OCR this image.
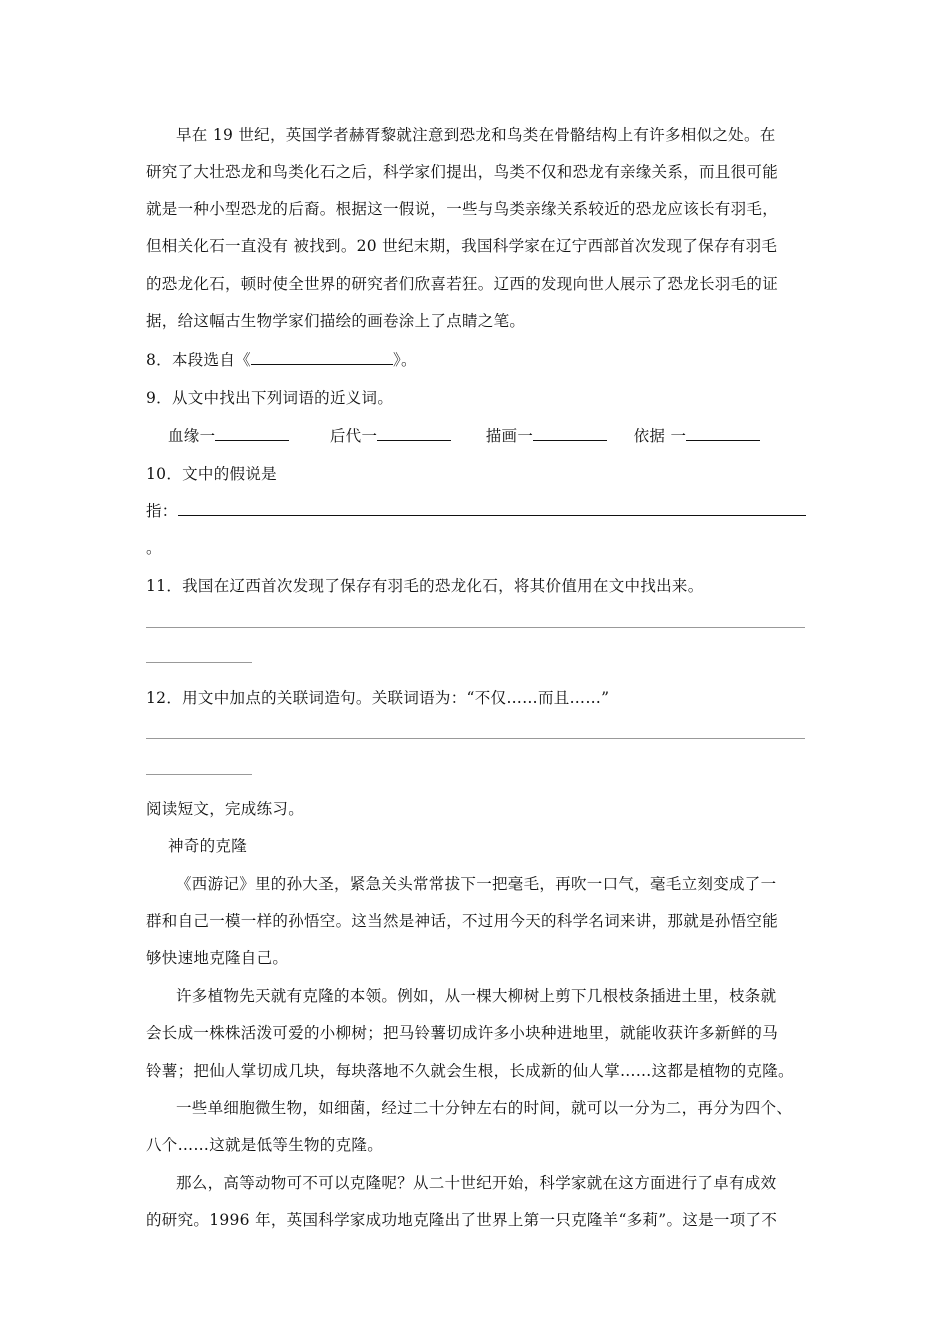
早在 19 世纪，英国学者赫胥黎就注意到恐龙和鸟类在骨骼结构上有许多相似之处。在
研究了大壮恐龙和鸟类化石之后，科学家们提出，鸟类不仅和恐龙有亲缘关系，而且很可能
就是一种小型恐龙的后裔。根据这一假说，一些与鸟类亲缘关系较近的恐龙应该长有羽毛，
但相关化石一直没有 被找到。20 世纪末期，我国科学家在辽宁西部首次发现了保存有羽毛
的恐龙化石，顿时使全世界的研究者们欣喜若狂。辽西的发现向世人展示了恐龙长羽毛的证
据，给这幅古生物学家们描绘的画卷涂上了点睛之笔。
8．本段选自《	》。
9．从文中找出下列词语的近义词。
血缘一	后代一	描画一	依据 一
10．文中的假说是
指：
。
11．我国在辽西首次发现了保存有羽毛的恐龙化石，将其价值用在文中找出来。
12．用文中加点的关联词造句。关联词语为：“不仅……而且……”
阅读短文，完成练习。
神奇的克隆
《西游记》里的孙大圣，紧急关头常常拔下一把毫毛，再吹一口气，毫毛立刻变成了一
群和自己一模一样的孙悟空。这当然是神话，不过用今天的科学名词来讲，那就是孙悟空能
够快速地克隆自己。
许多植物先天就有克隆的本领。例如，从一棵大柳树上剪下几根枝条插进土里，枝条就
会长成一株株活泼可爱的小柳树；把马铃薯切成许多小块种进地里，就能收获许多新鲜的马
铃薯；把仙人掌切成几块，每块落地不久就会生根，长成新的仙人掌……这都是植物的克隆。
一些单细胞微生物，如细菌，经过二十分钟左右的时间，就可以一分为二，再分为四个、
八个……这就是低等生物的克隆。
那么，高等动物可不可以克隆呢？从二十世纪开始，科学家就在这方面进行了卓有成效
的研究。1996 年，英国科学家成功地克隆出了世界上第一只克隆羊“多莉”。这是一项了不
